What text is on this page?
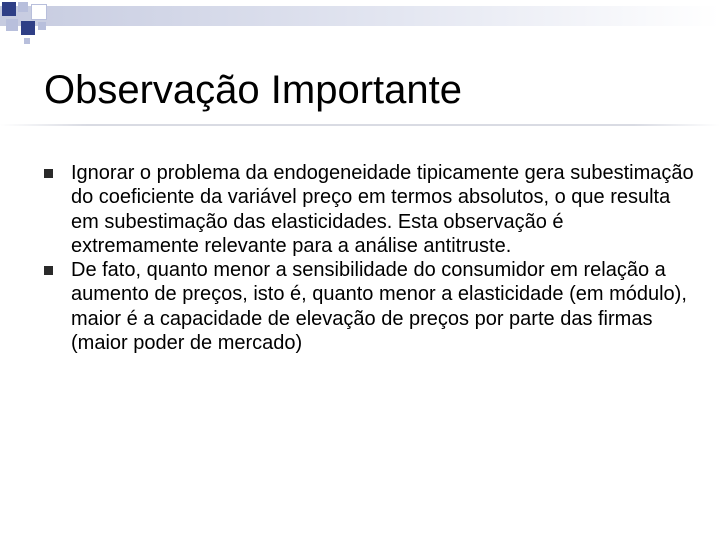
Observação Importante
Ignorar o problema da endogeneidade tipicamente gera subestimação do coeficiente da variável preço em termos absolutos, o que resulta em subestimação das elasticidades. Esta observação é extremamente relevante para a análise antitruste.
De fato, quanto menor a sensibilidade do consumidor em relação a aumento de preços, isto é, quanto menor a elasticidade (em módulo), maior é a capacidade de elevação de preços por parte das firmas (maior poder de mercado)
